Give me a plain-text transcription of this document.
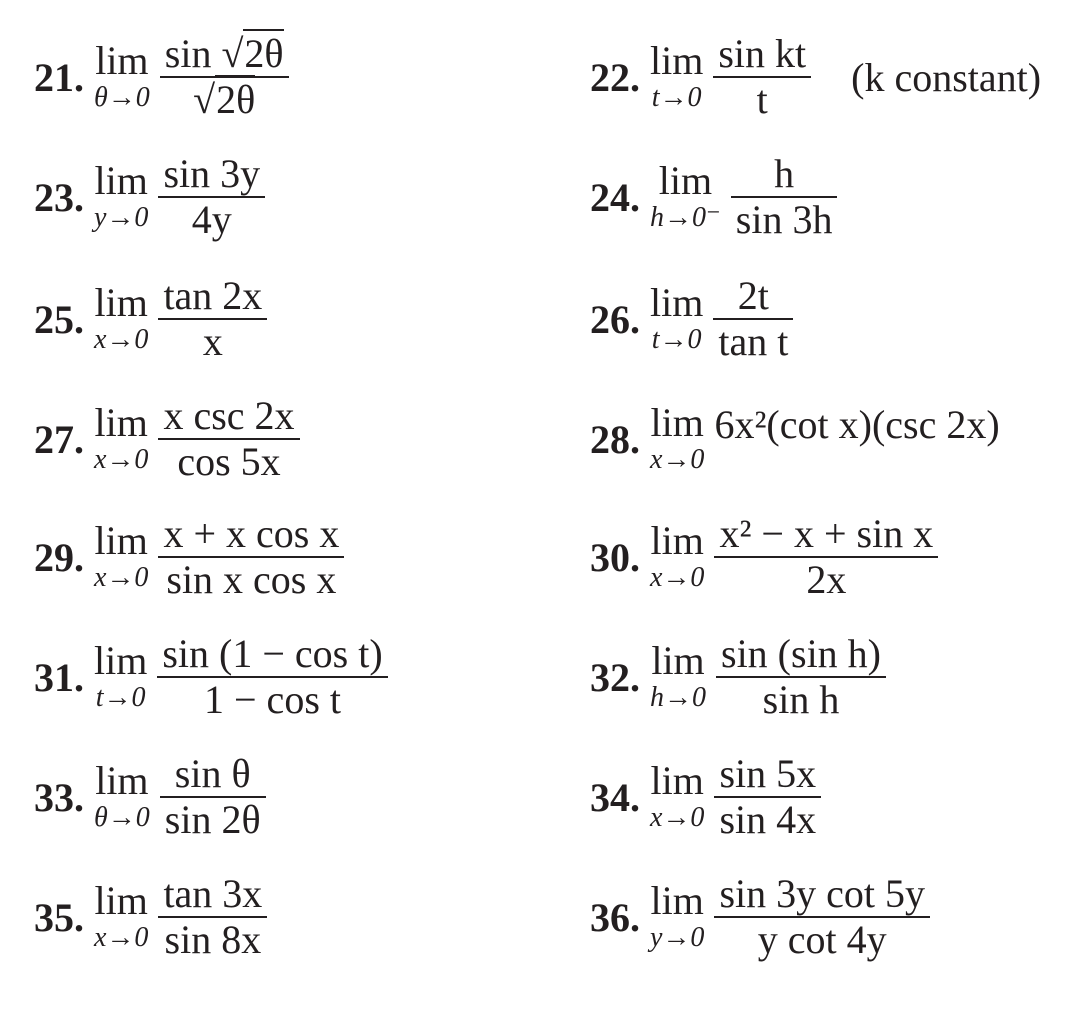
21. lim
$\theta\to 0 \frac{\sin √2\theta}{√2\theta}$	22. lim
$t\to 0 \frac{\text{sin kt}}{t} (k$ constant)
23. lim
$y\to 0 \frac{\sin 3y}{4y}$	24. lim
$h\to 0^- \frac{h}{\sin 3h}$
25. lim
$x\to 0 \frac{\tan 2x}{x}$	26. lim
$t\to 0 \frac{2t}{\text{tan t}}$
27. lim
$x\to 0 \frac{\text{x csc 2x}}{\cos 5x}$	28. lim
x→0
6x²(cot x)(csc 2x)
29. lim
$x\to 0 \frac{\text{x + x cos x}}{\text{sin x cos x}}$	30. lim
$x\to 0 \frac{\text{x² − x + sin x}}{2x}$
31. lim
$t\to 0 \frac{\text{sin (1 − cos t)}}{\text{1 − cos t}}$	32. lim
$h\to 0 \frac{\text{sin (sin h)}}{\text{sin h}}$
33. lim
$\theta\to 0 \frac{\text{sin θ}}{\sin 2\theta}$	34. lim
$x\to 0 \frac{\sin 5x}{\sin 4x}$
35. lim
$x\to 0 \frac{\tan 3x}{\sin 8x}$	36. lim
$y\to 0 \frac{\text{sin 3y cot 5y}}{\text{y cot 4y}}$
